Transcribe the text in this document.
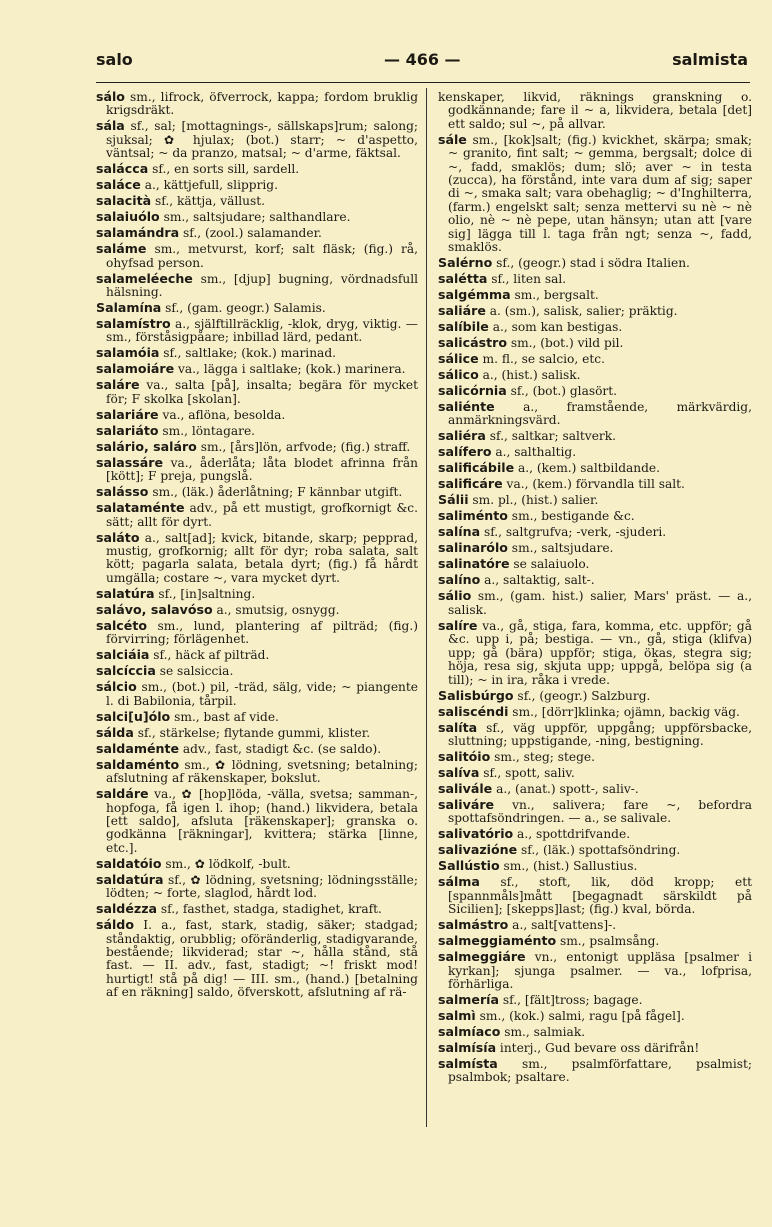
salo	— 466 —	salmista

sálo sm., lifrock, öfverrock, kappa; fordom bruklig krigsdräkt.

sála sf., sal; [mottagnings-, sällskaps]rum; salong; sjuksal; ✿ hjulax; (bot.) starr; ~ d'aspetto, väntsal; ~ da pranzo, matsal; ~ d'arme, fäktsal.

salácca sf., en sorts sill, sardell.

saláce a., kättjefull, slipprig.

salacità sf., kättja, vällust.

salaiuólo sm., saltsjudare; salthandlare.

salamándra sf., (zool.) salamander.

saláme sm., metvurst, korf; salt fläsk; (fig.) rå, ohyfsad person.

salameléeche sm., [djup] bugning, vördnadsfull hälsning.

Salamína sf., (gam. geogr.) Salamis.

salamístro a., själftillräcklig, -klok, dryg, viktig. — sm., förståsigpåare; inbillad lärd, pedant.

salamóia sf., saltlake; (kok.) marinad.

salamoiáre va., lägga i saltlake; (kok.) marinera.

saláre va., salta [på], insalta; begära för mycket för; F skolka [skolan].

salariáre va., aflöna, besolda.

salariáto sm., löntagare.

salário, saláro sm., [års]lön, arfvode; (fig.) straff.

salassáre va., åderlåta; låta blodet afrinna från [kött]; F preja, pungslå.

salásso sm., (läk.) åderlåtning; F kännbar utgift.

salataménte adv., på ett mustigt, grofkornigt &c. sätt; allt för dyrt.

saláto a., salt[ad]; kvick, bitande, skarp; pepprad, mustig, grofkornig; allt för dyr; roba salata, salt kött; pagarla salata, betala dyrt; (fig.) få hårdt umgälla; costare ~, vara mycket dyrt.

salatúra sf., [in]saltning.

salávo, salavóso a., smutsig, osnygg.

salcéto sm., lund, plantering af pilträd; (fig.) förvirring; förlägenhet.

salciáia sf., häck af pilträd.

salcíccia se salsiccia.

sálcio sm., (bot.) pil, -träd, sälg, vide; ~ piangente l. di Babilonia, tårpil.

salci[u]ólo sm., bast af vide.

sálda sf., stärkelse; flytande gummi, klister.

saldaménte adv., fast, stadigt &c. (se saldo).

saldaménto sm., ✿ lödning, svetsning; betalning; afslutning af räkenskaper, bokslut.

saldáre va., ✿ [hop]löda, -välla, svetsa; samman-, hopfoga, få igen l. ihop; (hand.) likvidera, betala [ett saldo], afsluta [räkenskaper]; granska o. godkänna [räkningar], kvittera; stärka [linne, etc.].

saldatóio sm., ✿ lödkolf, -bult.

saldatúra sf., ✿ lödning, svetsning; lödningsställe; lödten; ~ forte, slaglod, hårdt lod.

saldézza sf., fasthet, stadga, stadighet, kraft.

sáldo I. a., fast, stark, stadig, säker; stadgad; ståndaktig, orubblig; oföränderlig, stadigvarande, bestående; likviderad; star ~, hålla stånd, stå fast. — II. adv., fast, stadigt; ~! friskt mod! hurtigt! stå på dig! — III. sm., (hand.) [betalning af en räkning] saldo, öfverskott, afslutning af rä-

kenskaper, likvid, räknings granskning o. godkännande; fare il ~ a, likvidera, betala [det] ett saldo; sul ~, på allvar.

sále sm., [kok]salt; (fig.) kvickhet, skärpa; smak; ~ granito, fint salt; ~ gemma, bergsalt; dolce di ~, fadd, smaklös; dum; slö; aver ~ in testa (zucca), ha förstånd, inte vara dum af sig; saper di ~, smaka salt; vara obehaglig; ~ d'Inghilterra, (farm.) engelskt salt; senza mettervi su nè ~ nè olio, nè ~ nè pepe, utan hänsyn; utan att [vare sig] lägga till l. taga från ngt; senza ~, fadd, smaklös.

Salérno sf., (geogr.) stad i södra Italien.

salétta sf., liten sal.

salgémma sm., bergsalt.

saliáre a. (sm.), salisk, salier; präktig.

salíbile a., som kan bestigas.

salicástro sm., (bot.) vild pil.

sálice m. fl., se salcio, etc.

sálico a., (hist.) salisk.

salicórnia sf., (bot.) glasört.

saliénte a., framstående, märkvärdig, anmärkningsvärd.

saliéra sf., saltkar; saltverk.

salífero a., salthaltig.

salificábile a., (kem.) saltbildande.

salificáre va., (kem.) förvandla till salt.

Sálii sm. pl., (hist.) salier.

saliménto sm., bestigande &c.

salína sf., saltgrufva; -verk, -sjuderi.

salinarólo sm., saltsjudare.

salinatóre se salaiuolo.

salíno a., saltaktig, salt-.

sálio sm., (gam. hist.) salier, Mars' präst. — a., salisk.

salíre va., gå, stiga, fara, komma, etc. uppför; gå &c. upp i, på; bestiga. — vn., gå, stiga (klifva) upp; gå (bära) uppför; stiga, ökas, stegra sig; höja, resa sig, skjuta upp; uppgå, belöpa sig (a till); ~ in ira, råka i vrede.

Salisbúrgo sf., (geogr.) Salzburg.

saliscéndi sm., [dörr]klinka; ojämn, backig väg.

salíta sf., väg uppför, uppgång; uppförsbacke, sluttning; uppstigande, -ning, bestigning.

salitóio sm., steg; stege.

salíva sf., spott, saliv.

salivále a., (anat.) spott-, saliv-.

saliváre vn., salivera; fare ~, befordra spottafsöndringen. — a., se salivale.

salivatório a., spottdrifvande.

salivazióne sf., (läk.) spottafsöndring.

Sallústio sm., (hist.) Sallustius.

sálma sf., stoft, lik, död kropp; ett [spannmåls]mått [begagnadt särskildt på Sicilien]; [skepps]last; (fig.) kval, börda.

salmástro a., salt[vattens]-.

salmeggiaménto sm., psalmsång.

salmeggiáre vn., entonigt uppläsa [psalmer i kyrkan]; sjunga psalmer. — va., lofprisa, förhärliga.

salmería sf., [fält]tross; bagage.

salmì sm., (kok.) salmi, ragu [på fågel].

salmíaco sm., salmiak.

salmísía interj., Gud bevare oss därifrån!

salmísta sm., psalmförfattare, psalmist; psalmbok; psaltare.
